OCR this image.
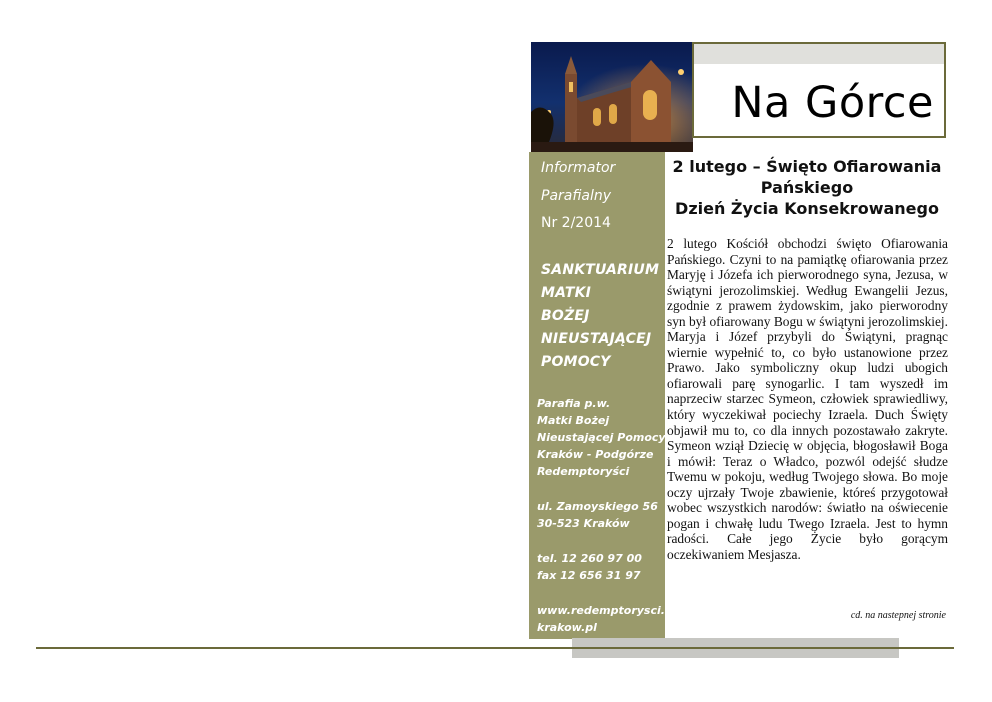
Na Górce
Informator
Parafialny
Nr 2/2014
SANKTUARIUM
MATKI
BOŻEJ
NIEUSTAJĄCEJ
POMOCY
Parafia p.w.
Matki Bożej
Nieustającej Pomocy
Kraków - Podgórze
Redemptoryści
ul. Zamoyskiego 56
30-523 Kraków
tel. 12 260 97 00
fax 12 656 31 97
www.redemptorysci.
krakow.pl
2 lutego – Święto Ofiarowania
Pańskiego
Dzień Życia Konsekrowanego
2 lutego Kościół obchodzi święto Ofiarowania Pańskiego. Czyni to na pamiątkę ofiarowania przez Maryję i Józefa ich pierworodnego syna, Jezusa, w świątyni jerozolimskiej. Według Ewangelii Jezus, zgodnie z prawem żydowskim, jako pierworodny syn był ofiarowany Bogu w świątyni jerozolimskiej. Maryja i Józef przybyli do Świątyni, pragnąc wiernie wypełnić to, co było ustanowione przez Prawo. Jako symboliczny okup ludzi ubogich ofiarowali parę synogarlic. I tam wyszedł im naprzeciw starzec Symeon, człowiek sprawiedliwy, który wyczekiwał pociechy Izraela. Duch Święty objawił mu to, co dla innych pozostawało zakryte. Symeon wziął Dziecię w objęcia, błogosławił Boga i mówił: Teraz o Władco, pozwól odejść słudze Twemu w pokoju, według Twojego słowa. Bo moje oczy ujrzały Twoje zbawienie, któreś przygotował wobec wszystkich narodów: światło na oświecenie pogan i chwałę ludu Twego Izraela. Jest to hymn radości. Całe jego Życie było gorącym oczekiwaniem Mesjasza.
cd. na nastepnej stronie
